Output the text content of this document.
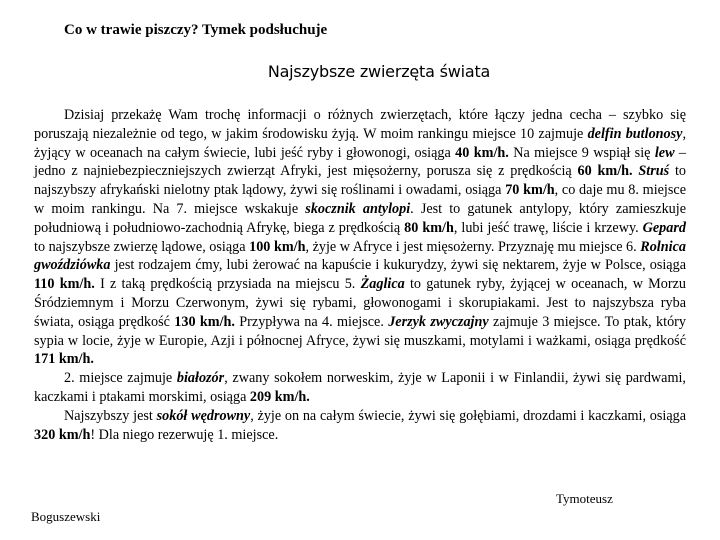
Co w trawie piszczy? Tymek podsłuchuje
Najszybsze zwierzęta świata

Dzisiaj przekażę Wam trochę informacji o różnych zwierzętach, które łączy jedna cecha – szybko się poruszają niezależnie od tego, w jakim środowisku żyją. W moim rankingu miejsce 10 zajmuje delfin butlonosy, żyjący w oceanach na całym świecie, lubi jeść ryby i głowonogi, osiąga 40 km/h. Na miejsce 9 wspiął się lew – jedno z najniebezpieczniejszych zwierząt Afryki, jest mięsożerny, porusza się z prędkością 60 km/h. Struś to najszybszy afrykański nielotny ptak lądowy, żywi się roślinami i owadami, osiąga 70 km/h, co daje mu 8. miejsce w moim rankingu. Na 7. miejsce wskakuje skocznik antylopi. Jest to gatunek antylopy, który zamieszkuje południową i południowo-zachodnią Afrykę, biega z prędkością 80 km/h, lubi jeść trawę, liście i krzewy. Gepard to najszybsze zwierzę lądowe, osiąga 100 km/h, żyje w Afryce i jest mięsożerny. Przyznaję mu miejsce 6. Rolnica gwoździówka jest rodzajem ćmy, lubi żerować na kapuście i kukurydzy, żywi się nektarem, żyje w Polsce, osiąga 110 km/h. I z taką prędkością przysiada na miejscu 5. Żaglica to gatunek ryby, żyjącej w oceanach, w Morzu Śródziemnym i Morzu Czerwonym, żywi się rybami, głowonogami i skorupiakami. Jest to najszybsza ryba świata, osiąga prędkość 130 km/h. Przypływa na 4. miejsce. Jerzyk zwyczajny zajmuje 3 miejsce. To ptak, który sypia w locie, żyje w Europie, Azji i północnej Afryce, żywi się muszkami, motylami i ważkami, osiąga prędkość 171 km/h.

2. miejsce zajmuje białozór, zwany sokołem norweskim, żyje w Laponii i w Finlandii, żywi się pardwami, kaczkami i ptakami morskimi, osiąga 209 km/h.

Najszybszy jest sokół wędrowny, żyje on na całym świecie, żywi się gołębiami, drozdami i kaczkami, osiąga 320 km/h! Dla niego rezerwuję 1. miejsce.

Tymoteusz
Boguszewski
